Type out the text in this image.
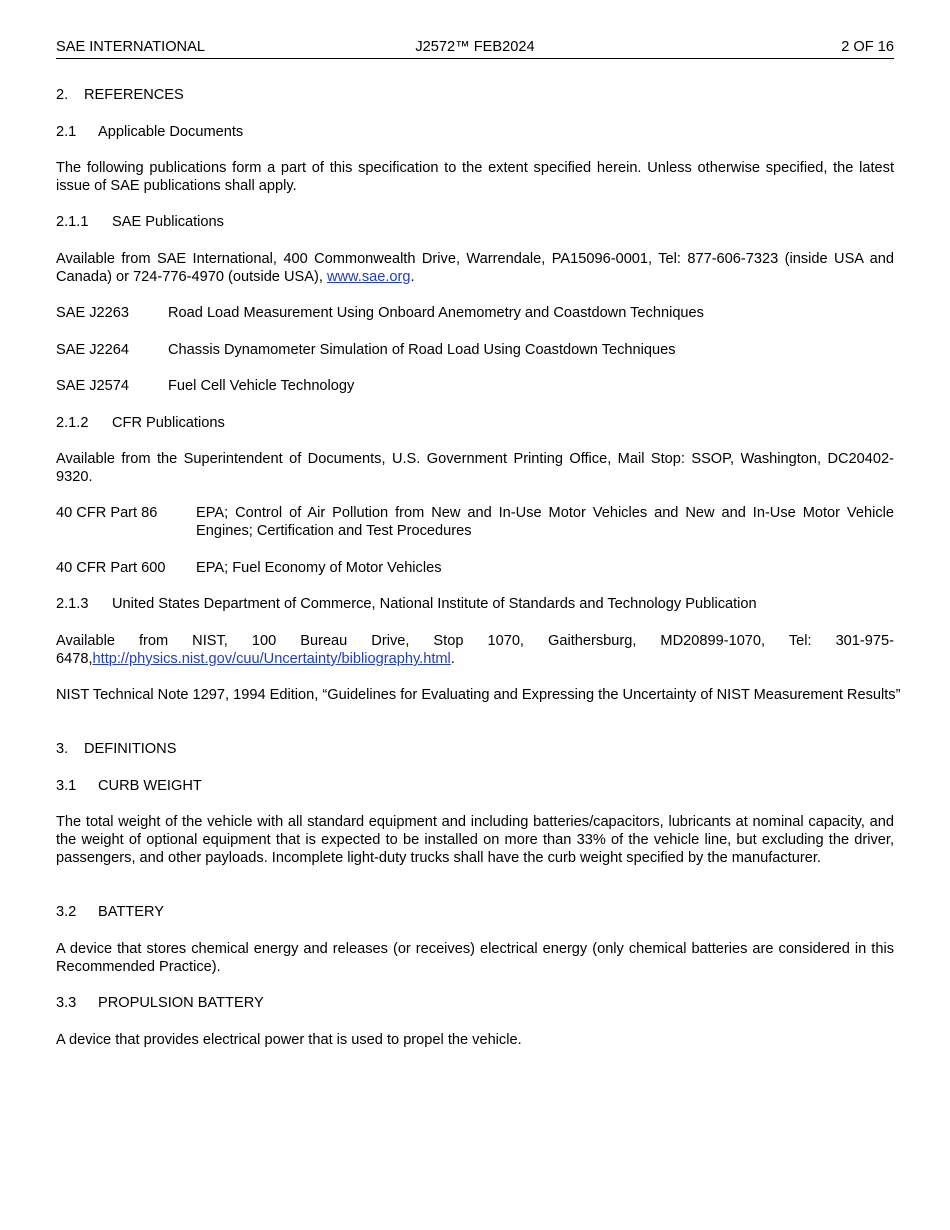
SAE INTERNATIONAL	J2572™ FEB2024	2 OF 16
2. REFERENCES
2.1 Applicable Documents
The following publications form a part of this specification to the extent specified herein. Unless otherwise specified, the latest issue of SAE publications shall apply.
2.1.1 SAE Publications
Available from SAE International, 400 Commonwealth Drive, Warrendale, PA15096-0001, Tel: 877-606-7323 (inside USA and Canada) or 724-776-4970 (outside USA), www.sae.org.
SAE J2263	Road Load Measurement Using Onboard Anemometry and Coastdown Techniques
SAE J2264	Chassis Dynamometer Simulation of Road Load Using Coastdown Techniques
SAE J2574	Fuel Cell Vehicle Technology
2.1.2 CFR Publications
Available from the Superintendent of Documents, U.S. Government Printing Office, Mail Stop: SSOP, Washington, DC20402-9320.
40 CFR Part 86	EPA; Control of Air Pollution from New and In-Use Motor Vehicles and New and In-Use Motor Vehicle Engines; Certification and Test Procedures
40 CFR Part 600 EPA; Fuel Economy of Motor Vehicles
2.1.3 United States Department of Commerce, National Institute of Standards and Technology Publication
Available from NIST, 100 Bureau Drive, Stop 1070, Gaithersburg, MD20899-1070, Tel: 301-975-6478,http://physics.nist.gov/cuu/Uncertainty/bibliography.html.
NIST Technical Note 1297, 1994 Edition, “Guidelines for Evaluating and Expressing the Uncertainty of NIST Measurement Results”
3. DEFINITIONS
3.1 CURB WEIGHT
The total weight of the vehicle with all standard equipment and including batteries/capacitors, lubricants at nominal capacity, and the weight of optional equipment that is expected to be installed on more than 33% of the vehicle line, but excluding the driver, passengers, and other payloads. Incomplete light-duty trucks shall have the curb weight specified by the manufacturer.
3.2 BATTERY
A device that stores chemical energy and releases (or receives) electrical energy (only chemical batteries are considered in this Recommended Practice).
3.3 PROPULSION BATTERY
A device that provides electrical power that is used to propel the vehicle.
